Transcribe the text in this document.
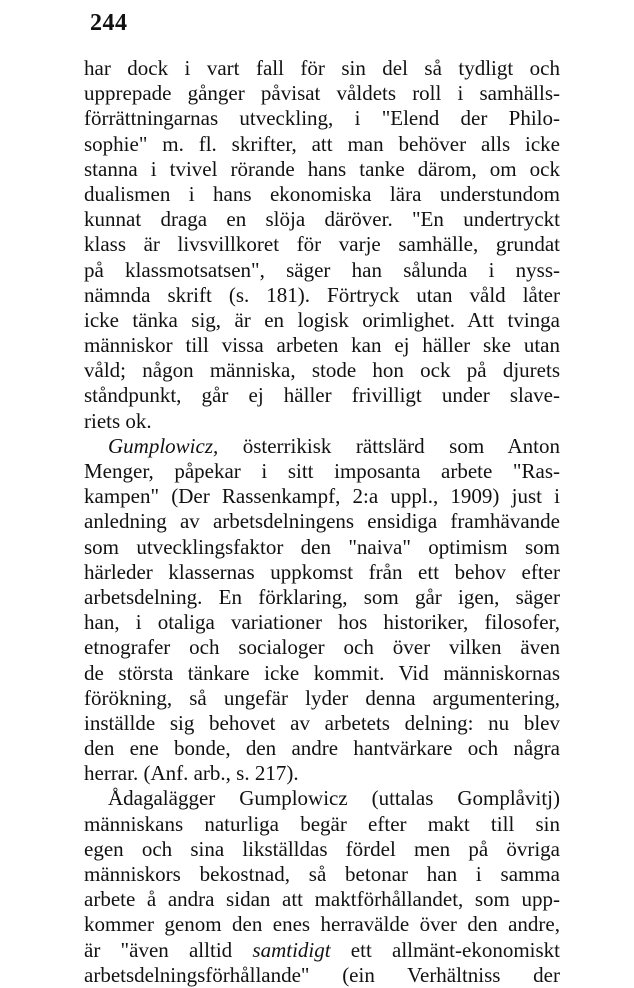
244
har dock i vart fall för sin del så tydligt och
upprepade gånger påvisat våldets roll i samhälls-
förrättningarnas utveckling, i "Elend der Philo-
sophie" m. fl. skrifter, att man behöver alls icke
stanna i tvivel rörande hans tanke därom, om ock
dualismen i hans ekonomiska lära understundom
kunnat draga en slöja däröver. "En undertryckt
klass är livsvillkoret för varje samhälle, grundat
på klassmotsatsen", säger han sålunda i nyss-
nämnda skrift (s. 181). Förtryck utan våld låter
icke tänka sig, är en logisk orimlighet. Att tvinga
människor till vissa arbeten kan ej häller ske utan
våld; någon människa, stode hon ock på djurets
ståndpunkt, går ej häller frivilligt under slave-
riets ok.
Gumplowicz, österrikisk rättslärd som Anton
Menger, påpekar i sitt imposanta arbete "Ras-
kampen" (Der Rassenkampf, 2:a uppl., 1909) just i
anledning av arbetsdelningens ensidiga framhävande
som utvecklingsfaktor den "naiva" optimism som
härleder klassernas uppkomst från ett behov efter
arbetsdelning. En förklaring, som går igen, säger
han, i otaliga variationer hos historiker, filosofer,
etnografer och socialoger och över vilken även
de största tänkare icke kommit. Vid människornas
förökning, så ungefär lyder denna argumentering,
inställde sig behovet av arbetets delning: nu blev
den ene bonde, den andre hantvärkare och några
herrar. (Anf. arb., s. 217).
Ådagalägger Gumplowicz (uttalas Gomplåvitj)
människans naturliga begär efter makt till sin
egen och sina likställdas fördel men på övriga
människors bekostnad, så betonar han i samma
arbete å andra sidan att maktförhållandet, som upp-
kommer genom den enes herravälde över den andre,
är "även alltid samtidigt ett allmänt-ekonomiskt
arbetsdelningsförhållande" (ein Verhältniss der
